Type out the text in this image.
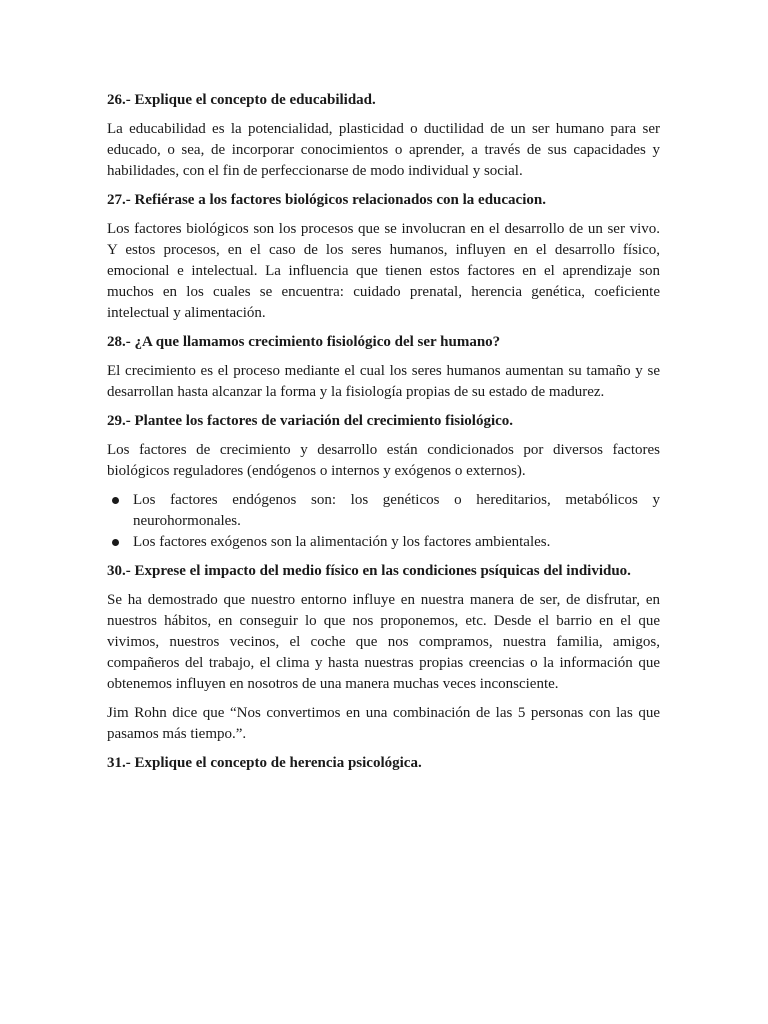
26.- Explique el concepto de educabilidad.

La educabilidad es la potencialidad, plasticidad o ductilidad de un ser humano para ser educado, o sea, de incorporar conocimientos o aprender, a través de sus capacidades y habilidades, con el fin de perfeccionarse de modo individual y social.

27.- Refiérase a los factores biológicos relacionados con la educacion.

Los factores biológicos son los procesos que se involucran en el desarrollo de un ser vivo. Y estos procesos, en el caso de los seres humanos, influyen en el desarrollo físico, emocional e intelectual. La influencia que tienen estos factores en el aprendizaje son muchos en los cuales se encuentra: cuidado prenatal, herencia genética, coeficiente intelectual y alimentación.

28.- ¿A que llamamos crecimiento fisiológico del ser humano?

El crecimiento es el proceso mediante el cual los seres humanos aumentan su tamaño y se desarrollan hasta alcanzar la forma y la fisiología propias de su estado de madurez.

29.- Plantee los factores de variación del crecimiento fisiológico.

Los factores de crecimiento y desarrollo están condicionados por diversos factores biológicos reguladores (endógenos o internos y exógenos o externos).

Los factores endógenos son: los genéticos o hereditarios, metabólicos y neurohormonales.
Los factores exógenos son la alimentación y los factores ambientales.
30.- Exprese el impacto del medio físico en las condiciones psíquicas del individuo.

Se ha demostrado que nuestro entorno influye en nuestra manera de ser, de disfrutar, en nuestros hábitos, en conseguir lo que nos proponemos, etc. Desde el barrio en el que vivimos, nuestros vecinos, el coche que nos compramos, nuestra familia, amigos, compañeros del trabajo, el clima y hasta nuestras propias creencias o la información que obtenemos influyen en nosotros de una manera muchas veces inconsciente.

Jim Rohn dice que “Nos convertimos en una combinación de las 5 personas con las que pasamos más tiempo.”.

31.- Explique el concepto de herencia psicológica.
